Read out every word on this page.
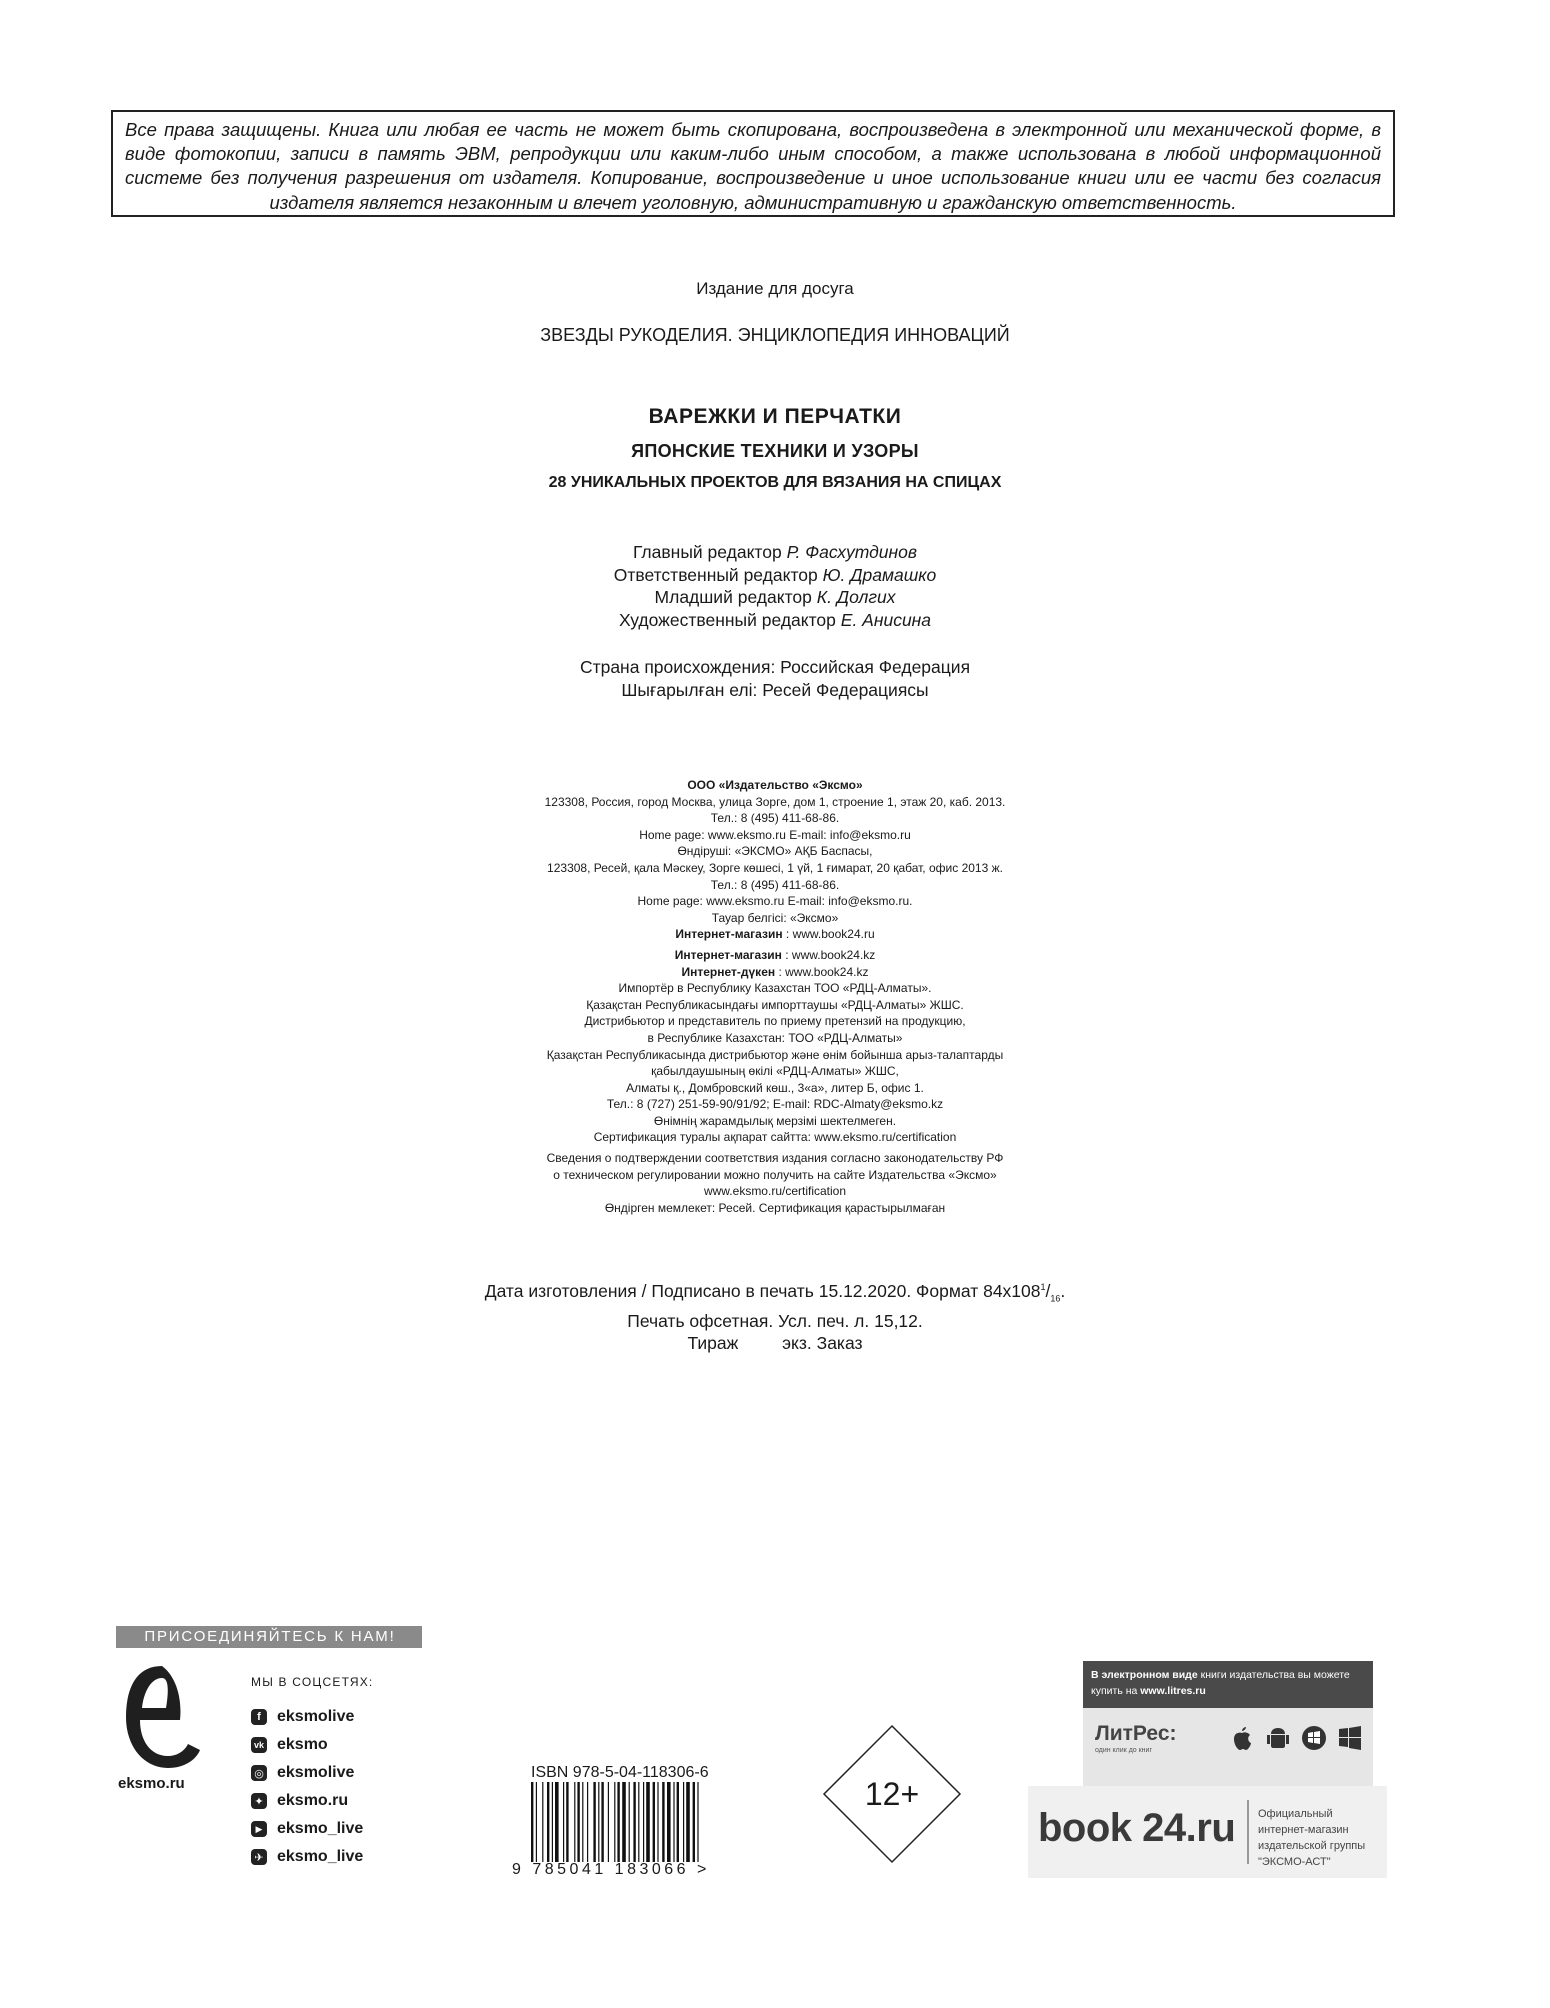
Все права защищены. Книга или любая ее часть не может быть скопирована, воспроизведена в электронной или механической форме, в виде фотокопии, записи в память ЭВМ, репродукции или каким-либо иным способом, а также использована в любой информационной системе без получения разрешения от издателя. Копирование, воспроизведение и иное использование книги или ее части без согласия издателя является незаконным и влечет уголовную, административную и гражданскую ответственность.
Издание для досуга
ЗВЕЗДЫ РУКОДЕЛИЯ. ЭНЦИКЛОПЕДИЯ ИННОВАЦИЙ
ВАРЕЖКИ И ПЕРЧАТКИ
ЯПОНСКИЕ ТЕХНИКИ И УЗОРЫ
28 УНИКАЛЬНЫХ ПРОЕКТОВ ДЛЯ ВЯЗАНИЯ НА СПИЦАХ
Главный редактор Р. Фасхутдинов
Ответственный редактор Ю. Драмашко
Младший редактор К. Долгих
Художественный редактор Е. Анисина
Страна происхождения: Российская Федерация
Шығарылған елі: Ресей Федерациясы
ООО «Издательство «Эксмо»
123308, Россия, город Москва, улица Зорге, дом 1, строение 1, этаж 20, каб. 2013.
Тел.: 8 (495) 411-68-86.
Home page: www.eksmo.ru E-mail: info@eksmo.ru
Өндіруші: «ЭКСМО» АҚБ Баспасы,
123308, Ресей, қала Мәскеу, Зорге көшесі, 1 үй, 1 ғимарат, 20 қабат, офис 2013 ж.
Тел.: 8 (495) 411-68-86.
Home page: www.eksmo.ru E-mail: info@eksmo.ru.
Тауар белгісі: «Эксмо»
Интернет-магазин : www.book24.ru
Интернет-магазин : www.book24.kz
Интернет-дүкен : www.book24.kz
Импортёр в Республику Казахстан ТОО «РДЦ-Алматы».
Қазақстан Республикасындағы импорттаушы «РДЦ-Алматы» ЖШС.
Дистрибьютор и представитель по приему претензий на продукцию,
в Республике Казахстан: ТОО «РДЦ-Алматы»
Қазақстан Республикасында дистрибьютор және өнім бойынша арыз-талаптарды
қабылдаушының өкілі «РДЦ-Алматы» ЖШС,
Алматы қ., Домбровский көш., 3«а», литер Б, офис 1.
Тел.: 8 (727) 251-59-90/91/92; E-mail: RDC-Almaty@eksmo.kz
Өнімнің жарамдылық мерзімі шектелмеген.
Сертификация туралы ақпарат сайтта: www.eksmo.ru/certification
Сведения о подтверждении соответствия издания согласно законодательству РФ
о техническом регулировании можно получить на сайте Издательства «Эксмо»
www.eksmo.ru/certification
Өндірген мемлекет: Ресей. Сертификация қарастырылмаған
Дата изготовления / Подписано в печать 15.12.2020. Формат $84x108^1/_{16}$.
Печать офсетная. Усл. печ. л. 15,12.
Тираж         экз. Заказ
ПРИСОЕДИНЯЙТЕСЬ К НАМ!
eksmo.ru
МЫ В СОЦСЕТЯХ:
f	eksmolive
vk eksmo
◎ eksmolive
✦ eksmo.ru
▶ eksmo_live
✈ eksmo_live
ISBN 978-5-04-118306-6
9 785041 183066 >
12+
В электронном виде книги издательства вы можете купить на www.litres.ru
ЛитРес:
один клик до книг
book 24.ru Официальный
интернет-магазин
издательской группы
"ЭКСМО-АСТ"
